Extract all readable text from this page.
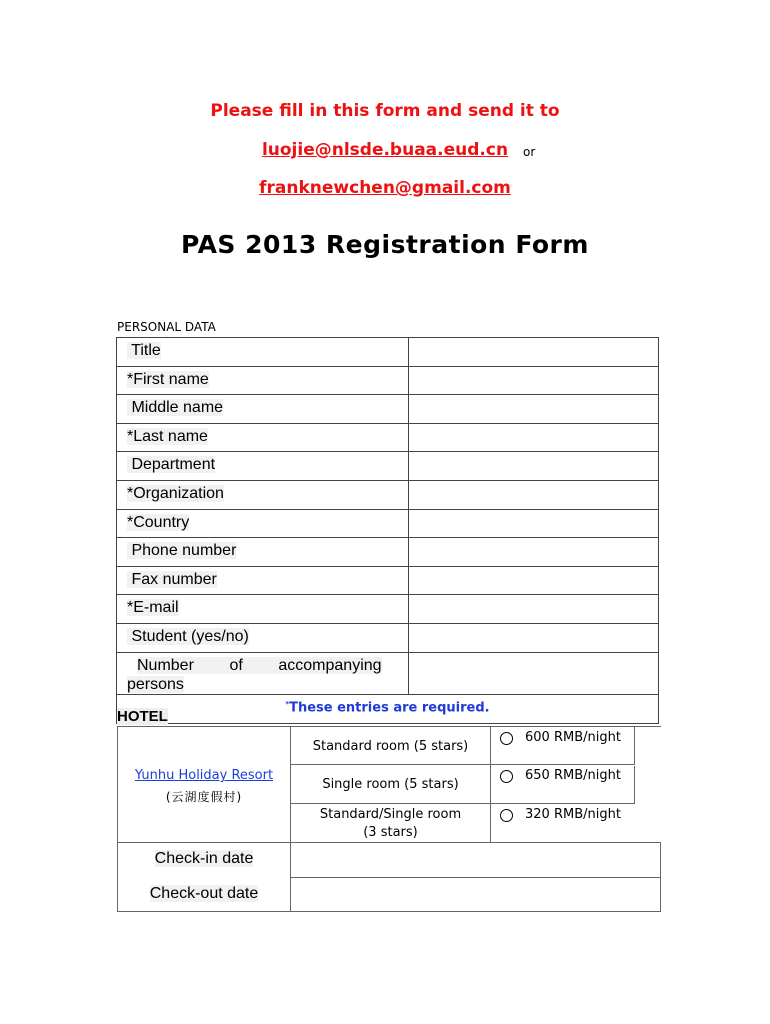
Please fill in this form and send it to
luojie@nlsde.buaa.eud.cn	or
franknewchen@gmail.com
PAS 2013 Registration Form
PERSONAL DATA
Title
*First name
Middle name
*Last name
Department
*Organization
*Country
Phone number
Fax number
*E-mail
Student (yes/no)
Number        of        accompanying
persons
*These entries are required.
HOTEL
Yunhu Holiday Resort
(云湖度假村)
Standard room (5 stars)
Single room (5 stars)
Standard/Single room
(3 stars)
600 RMB/night
650 RMB/night
320 RMB/night
Check-in date
Check-out date
